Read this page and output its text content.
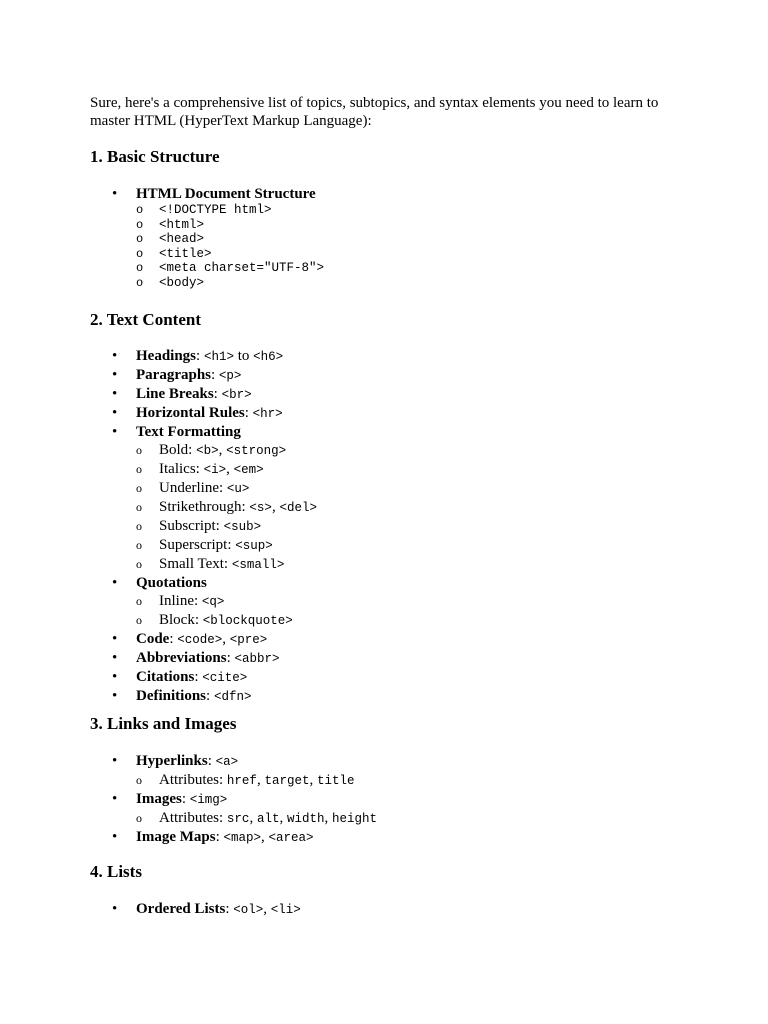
Sure, here's a comprehensive list of topics, subtopics, and syntax elements you need to learn to master HTML (HyperText Markup Language):

1. Basic Structure
• HTML Document Structure
o <!DOCTYPE html>
o <html>
o <head>
o <title>
o <meta charset="UTF-8">
o <body>
2. Text Content
• Headings: <h1> to <h6>
• Paragraphs: <p>
• Line Breaks: <br>
• Horizontal Rules: <hr>
• Text Formatting
o Bold: <b>, <strong>
o Italics: <i>, <em>
o Underline: <u>
o Strikethrough: <s>, <del>
o Subscript: <sub>
o Superscript: <sup>
o Small Text: <small>
• Quotations
o Inline: <q>
o Block: <blockquote>
• Code: <code>, <pre>
• Abbreviations: <abbr>
• Citations: <cite>
• Definitions: <dfn>
3. Links and Images
• Hyperlinks: <a>
o Attributes: href, target, title
• Images: <img>
o Attributes: src, alt, width, height
• Image Maps: <map>, <area>
4. Lists
• Ordered Lists: <ol>, <li>
